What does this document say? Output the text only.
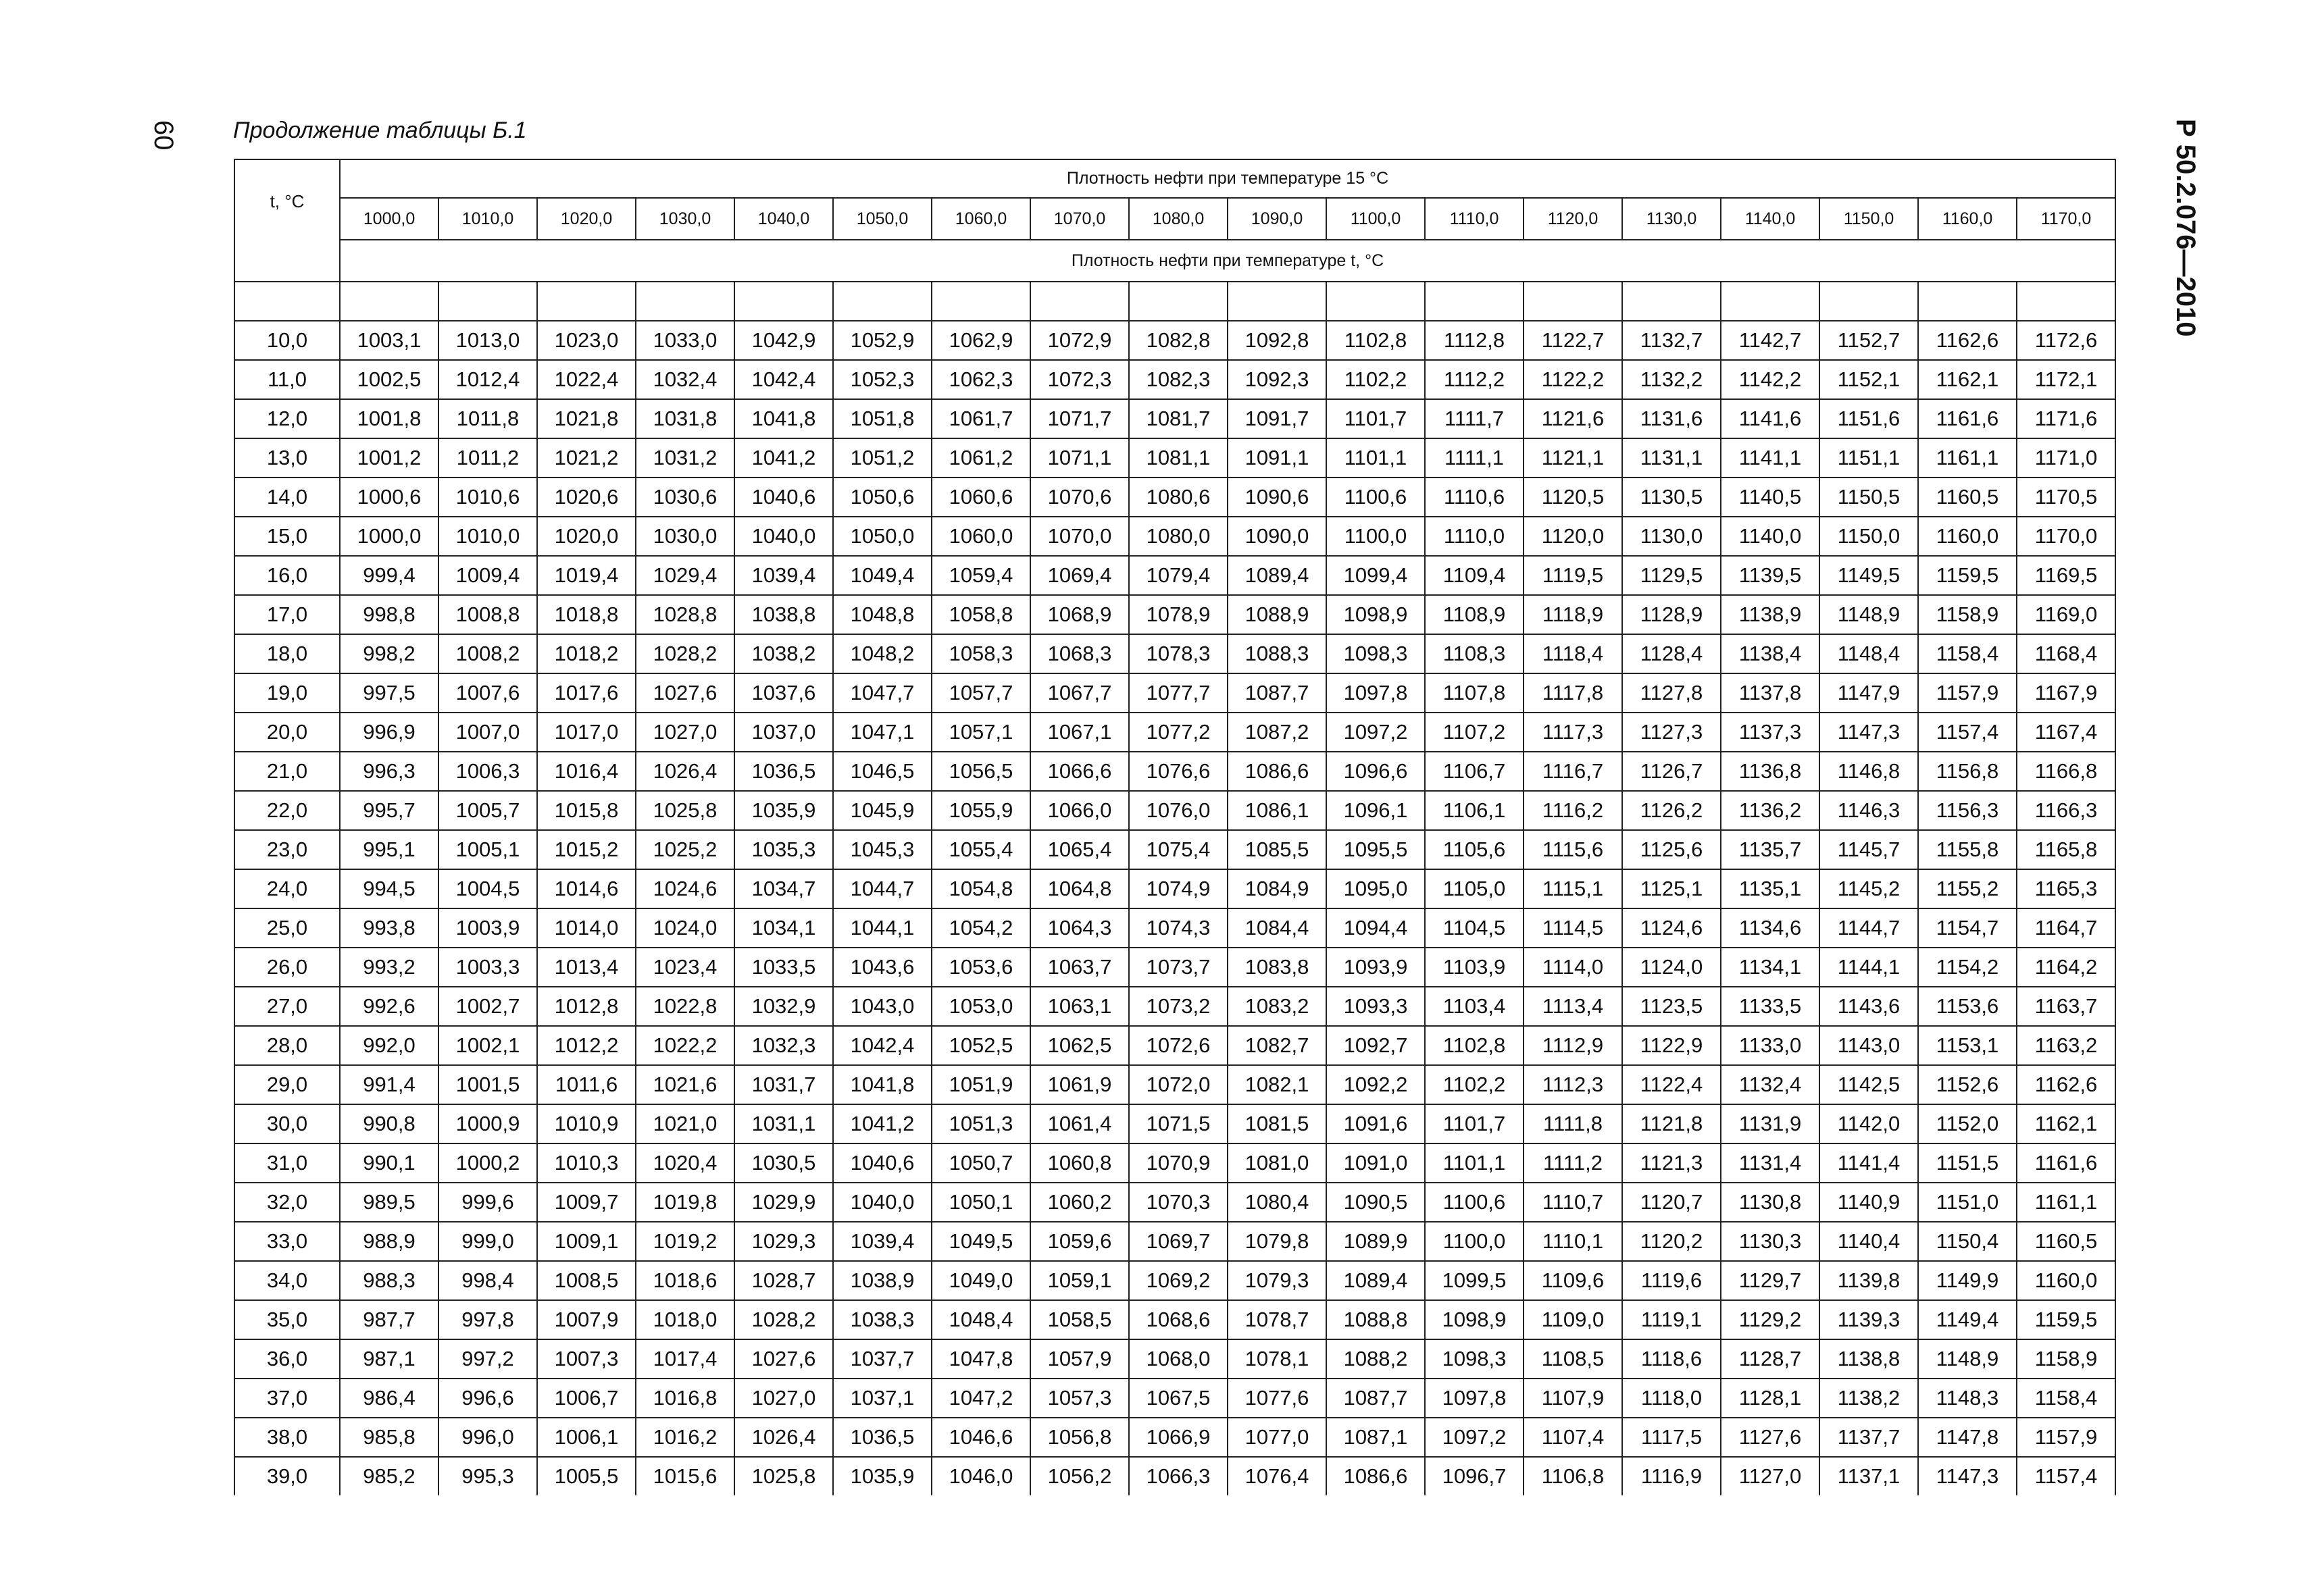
60 Продолжение таблицы Б.1	Р 50.2.076—2010
t, °C	Плотность нефти при температуре 15 °С																	
	1000,0	1010,0	1020,0	1030,0	1040,0	1050,0	1060,0	1070,0	1080,0	1090,0	1100,0	1110,0	1120,0	1130,0	1140,0	1150,0	1160,0	1170,0
	Плотность нефти при температуре t, °С																	

10,0	1003,1	1013,0	1023,0	1033,0	1042,9	1052,9	1062,9	1072,9	1082,8	1092,8	1102,8	1112,8	1122,7	1132,7	1142,7	1152,7	1162,6	1172,6
11,0	1002,5	1012,4	1022,4	1032,4	1042,4	1052,3	1062,3	1072,3	1082,3	1092,3	1102,2	1112,2	1122,2	1132,2	1142,2	1152,1	1162,1	1172,1
12,0	1001,8	1011,8	1021,8	1031,8	1041,8	1051,8	1061,7	1071,7	1081,7	1091,7	1101,7	1111,7	1121,6	1131,6	1141,6	1151,6	1161,6	1171,6
13,0	1001,2	1011,2	1021,2	1031,2	1041,2	1051,2	1061,2	1071,1	1081,1	1091,1	1101,1	1111,1	1121,1	1131,1	1141,1	1151,1	1161,1	1171,0
14,0	1000,6	1010,6	1020,6	1030,6	1040,6	1050,6	1060,6	1070,6	1080,6	1090,6	1100,6	1110,6	1120,5	1130,5	1140,5	1150,5	1160,5	1170,5
15,0	1000,0	1010,0	1020,0	1030,0	1040,0	1050,0	1060,0	1070,0	1080,0	1090,0	1100,0	1110,0	1120,0	1130,0	1140,0	1150,0	1160,0	1170,0
16,0	999,4	1009,4	1019,4	1029,4	1039,4	1049,4	1059,4	1069,4	1079,4	1089,4	1099,4	1109,4	1119,5	1129,5	1139,5	1149,5	1159,5	1169,5
17,0	998,8	1008,8	1018,8	1028,8	1038,8	1048,8	1058,8	1068,9	1078,9	1088,9	1098,9	1108,9	1118,9	1128,9	1138,9	1148,9	1158,9	1169,0
18,0	998,2	1008,2	1018,2	1028,2	1038,2	1048,2	1058,3	1068,3	1078,3	1088,3	1098,3	1108,3	1118,4	1128,4	1138,4	1148,4	1158,4	1168,4
19,0	997,5	1007,6	1017,6	1027,6	1037,6	1047,7	1057,7	1067,7	1077,7	1087,7	1097,8	1107,8	1117,8	1127,8	1137,8	1147,9	1157,9	1167,9
20,0	996,9	1007,0	1017,0	1027,0	1037,0	1047,1	1057,1	1067,1	1077,2	1087,2	1097,2	1107,2	1117,3	1127,3	1137,3	1147,3	1157,4	1167,4
21,0	996,3	1006,3	1016,4	1026,4	1036,5	1046,5	1056,5	1066,6	1076,6	1086,6	1096,6	1106,7	1116,7	1126,7	1136,8	1146,8	1156,8	1166,8
22,0	995,7	1005,7	1015,8	1025,8	1035,9	1045,9	1055,9	1066,0	1076,0	1086,1	1096,1	1106,1	1116,2	1126,2	1136,2	1146,3	1156,3	1166,3
23,0	995,1	1005,1	1015,2	1025,2	1035,3	1045,3	1055,4	1065,4	1075,4	1085,5	1095,5	1105,6	1115,6	1125,6	1135,7	1145,7	1155,8	1165,8
24,0	994,5	1004,5	1014,6	1024,6	1034,7	1044,7	1054,8	1064,8	1074,9	1084,9	1095,0	1105,0	1115,1	1125,1	1135,1	1145,2	1155,2	1165,3
25,0	993,8	1003,9	1014,0	1024,0	1034,1	1044,1	1054,2	1064,3	1074,3	1084,4	1094,4	1104,5	1114,5	1124,6	1134,6	1144,7	1154,7	1164,7
26,0	993,2	1003,3	1013,4	1023,4	1033,5	1043,6	1053,6	1063,7	1073,7	1083,8	1093,9	1103,9	1114,0	1124,0	1134,1	1144,1	1154,2	1164,2
27,0	992,6	1002,7	1012,8	1022,8	1032,9	1043,0	1053,0	1063,1	1073,2	1083,2	1093,3	1103,4	1113,4	1123,5	1133,5	1143,6	1153,6	1163,7
28,0	992,0	1002,1	1012,2	1022,2	1032,3	1042,4	1052,5	1062,5	1072,6	1082,7	1092,7	1102,8	1112,9	1122,9	1133,0	1143,0	1153,1	1163,2
29,0	991,4	1001,5	1011,6	1021,6	1031,7	1041,8	1051,9	1061,9	1072,0	1082,1	1092,2	1102,2	1112,3	1122,4	1132,4	1142,5	1152,6	1162,6
30,0	990,8	1000,9	1010,9	1021,0	1031,1	1041,2	1051,3	1061,4	1071,5	1081,5	1091,6	1101,7	1111,8	1121,8	1131,9	1142,0	1152,0	1162,1
31,0	990,1	1000,2	1010,3	1020,4	1030,5	1040,6	1050,7	1060,8	1070,9	1081,0	1091,0	1101,1	1111,2	1121,3	1131,4	1141,4	1151,5	1161,6
32,0	989,5	999,6	1009,7	1019,8	1029,9	1040,0	1050,1	1060,2	1070,3	1080,4	1090,5	1100,6	1110,7	1120,7	1130,8	1140,9	1151,0	1161,1
33,0	988,9	999,0	1009,1	1019,2	1029,3	1039,4	1049,5	1059,6	1069,7	1079,8	1089,9	1100,0	1110,1	1120,2	1130,3	1140,4	1150,4	1160,5
34,0	988,3	998,4	1008,5	1018,6	1028,7	1038,9	1049,0	1059,1	1069,2	1079,3	1089,4	1099,5	1109,6	1119,6	1129,7	1139,8	1149,9	1160,0
35,0	987,7	997,8	1007,9	1018,0	1028,2	1038,3	1048,4	1058,5	1068,6	1078,7	1088,8	1098,9	1109,0	1119,1	1129,2	1139,3	1149,4	1159,5
36,0	987,1	997,2	1007,3	1017,4	1027,6	1037,7	1047,8	1057,9	1068,0	1078,1	1088,2	1098,3	1108,5	1118,6	1128,7	1138,8	1148,9	1158,9
37,0	986,4	996,6	1006,7	1016,8	1027,0	1037,1	1047,2	1057,3	1067,5	1077,6	1087,7	1097,8	1107,9	1118,0	1128,1	1138,2	1148,3	1158,4
38,0	985,8	996,0	1006,1	1016,2	1026,4	1036,5	1046,6	1056,8	1066,9	1077,0	1087,1	1097,2	1107,4	1117,5	1127,6	1137,7	1147,8	1157,9
39,0	985,2	995,3	1005,5	1015,6	1025,8	1035,9	1046,0	1056,2	1066,3	1076,4	1086,6	1096,7	1106,8	1116,9	1127,0	1137,1	1147,3	1157,4
